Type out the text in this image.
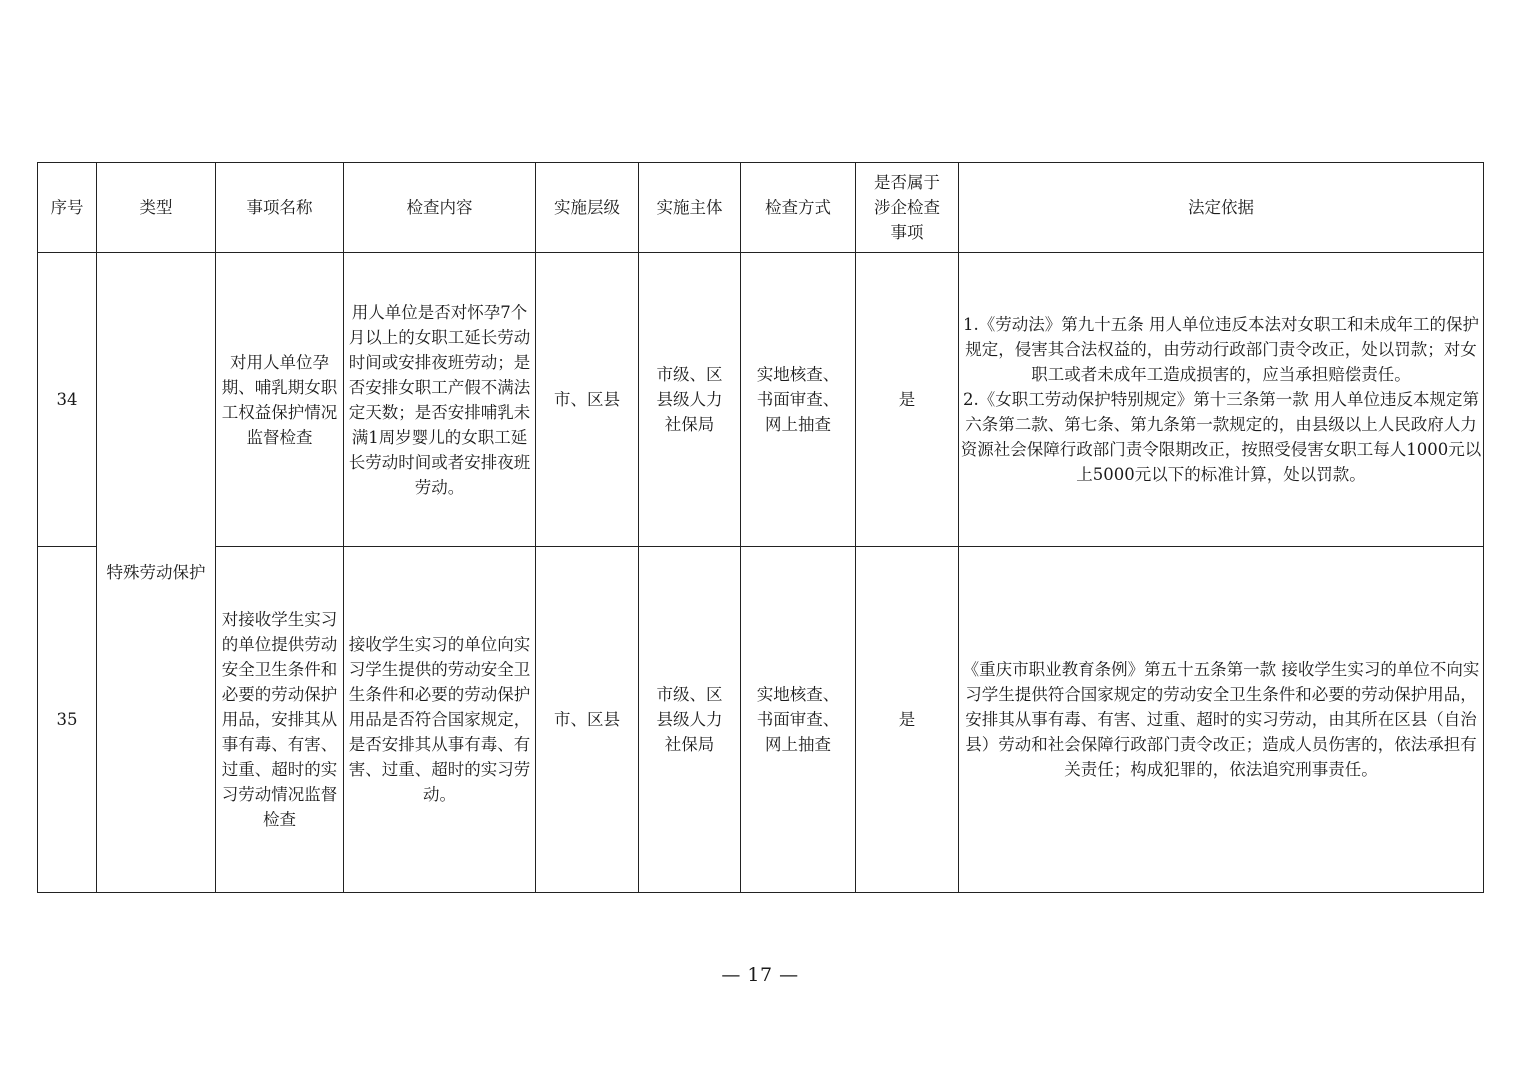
序号	类型	事项名称	检查内容	实施层级	实施主体	检查方式	是否属于涉企检查事项	法定依据
34	特殊劳动保护	对用人单位孕期、哺乳期女职工权益保护情况监督检查	用人单位是否对怀孕7个月以上的女职工延长劳动时间或安排夜班劳动；是否安排女职工产假不满法定天数；是否安排哺乳未满1周岁婴儿的女职工延长劳动时间或者安排夜班劳动。	市、区县	市级、区县级人力社保局	实地核查、书面审查、网上抽查	是	1.《劳动法》第九十五条 用人单位违反本法对女职工和未成年工的保护规定，侵害其合法权益的，由劳动行政部门责令改正，处以罚款；对女职工或者未成年工造成损害的，应当承担赔偿责任。

2.《女职工劳动保护特别规定》第十三条第一款 用人单位违反本规定第六条第二款、第七条、第九条第一款规定的，由县级以上人民政府人力资源社会保障行政部门责令限期改正，按照受侵害女职工每人1000元以上5000元以下的标准计算，处以罚款。

35		对接收学生实习的单位提供劳动安全卫生条件和必要的劳动保护用品，安排其从事有毒、有害、过重、超时的实习劳动情况监督检查	接收学生实习的单位向实习学生提供的劳动安全卫生条件和必要的劳动保护用品是否符合国家规定，是否安排其从事有毒、有害、过重、超时的实习劳动。	市、区县	市级、区县级人力社保局	实地核查、书面审查、网上抽查	是	《重庆市职业教育条例》第五十五条第一款 接收学生实习的单位不向实习学生提供符合国家规定的劳动安全卫生条件和必要的劳动保护用品，安排其从事有毒、有害、过重、超时的实习劳动，由其所在区县（自治县）劳动和社会保障行政部门责令改正；造成人员伤害的，依法承担有关责任；构成犯罪的，依法追究刑事责任。

— 17 —
